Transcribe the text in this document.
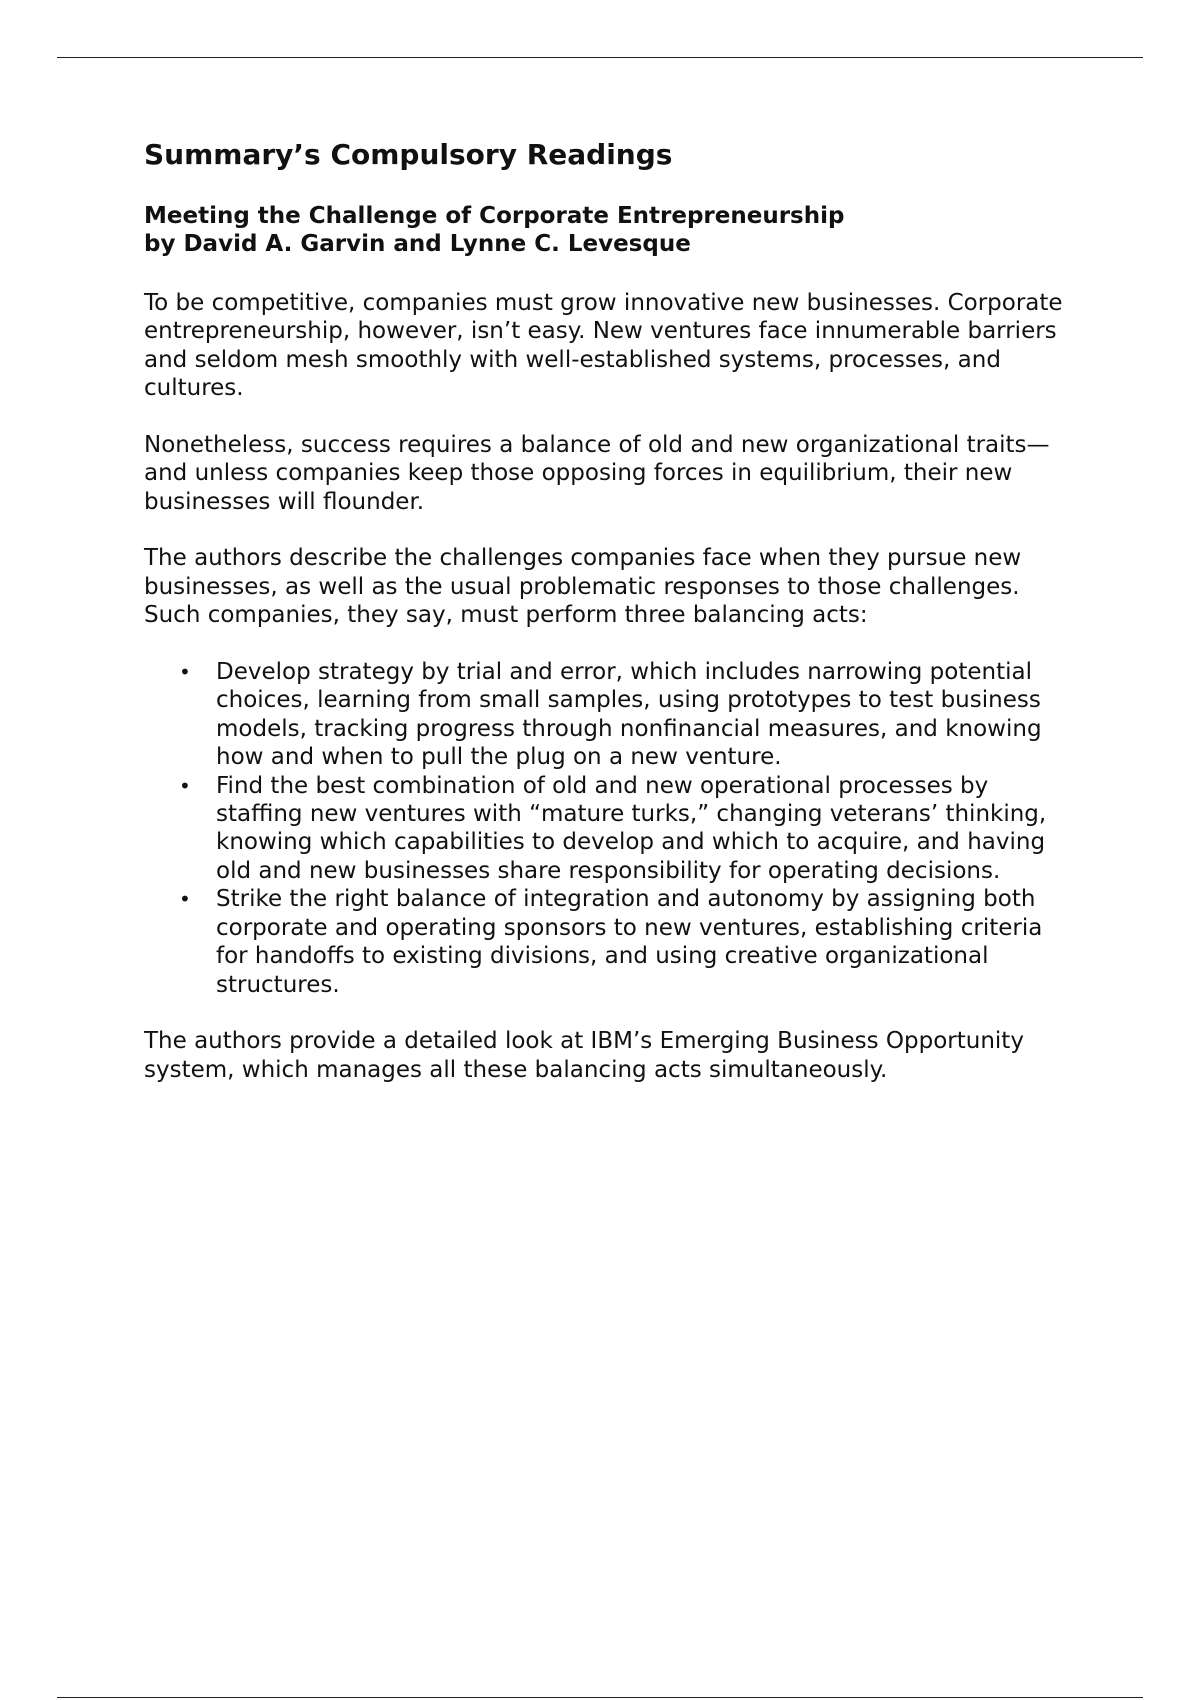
Summary’s Compulsory Readings
Meeting the Challenge of Corporate Entrepreneurship
by David A. Garvin and Lynne C. Levesque

To be competitive, companies must grow innovative new businesses. Corporate entrepreneurship, however, isn’t easy. New ventures face innumerable barriers and seldom mesh smoothly with well-established systems, processes, and cultures.

Nonetheless, success requires a balance of old and new organizational traits—and unless companies keep those opposing forces in equilibrium, their new businesses will flounder.

The authors describe the challenges companies face when they pursue new businesses, as well as the usual problematic responses to those challenges. Such companies, they say, must perform three balancing acts:

• Develop strategy by trial and error, which includes narrowing potential choices, learning from small samples, using prototypes to test business models, tracking progress through nonfinancial measures, and knowing how and when to pull the plug on a new venture.
• Find the best combination of old and new operational processes by staffing new ventures with “mature turks,” changing veterans’ thinking, knowing which capabilities to develop and which to acquire, and having old and new businesses share responsibility for operating decisions.
• Strike the right balance of integration and autonomy by assigning both corporate and operating sponsors to new ventures, establishing criteria for handoffs to existing divisions, and using creative organizational structures.

The authors provide a detailed look at IBM’s Emerging Business Opportunity system, which manages all these balancing acts simultaneously.
